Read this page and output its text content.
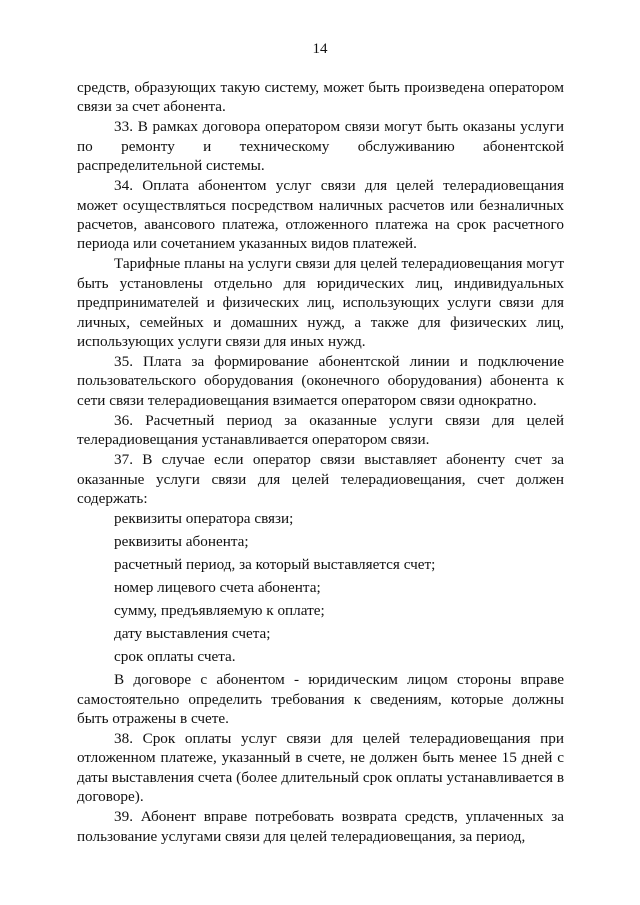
14

средств, образующих такую систему, может быть произведена оператором связи за счет абонента.

33. В рамках договора оператором связи могут быть оказаны услуги по ремонту и техническому обслуживанию абонентской распределительной системы.

34. Оплата абонентом услуг связи для целей телерадиовещания может осуществляться посредством наличных расчетов или безналичных расчетов, авансового платежа, отложенного платежа на срок расчетного периода или сочетанием указанных видов платежей.

Тарифные планы на услуги связи для целей телерадиовещания могут быть установлены отдельно для юридических лиц, индивидуальных предпринимателей и физических лиц, использующих услуги связи для личных, семейных и домашних нужд, а также для физических лиц, использующих услуги связи для иных нужд.

35. Плата за формирование абонентской линии и подключение пользовательского оборудования (оконечного оборудования) абонента к сети связи телерадиовещания взимается оператором связи однократно.

36. Расчетный период за оказанные услуги связи для целей телерадиовещания устанавливается оператором связи.

37. В случае если оператор связи выставляет абоненту счет за оказанные услуги связи для целей телерадиовещания, счет должен содержать:

реквизиты оператора связи;

реквизиты абонента;

расчетный период, за который выставляется счет;

номер лицевого счета абонента;

сумму, предъявляемую к оплате;

дату выставления счета;

срок оплаты счета.

В договоре с абонентом - юридическим лицом стороны вправе самостоятельно определить требования к сведениям, которые должны быть отражены в счете.

38. Срок оплаты услуг связи для целей телерадиовещания при отложенном платеже, указанный в счете, не должен быть менее 15 дней с даты выставления счета (более длительный срок оплаты устанавливается в договоре).

39. Абонент вправе потребовать возврата средств, уплаченных за пользование услугами связи для целей телерадиовещания, за период,
